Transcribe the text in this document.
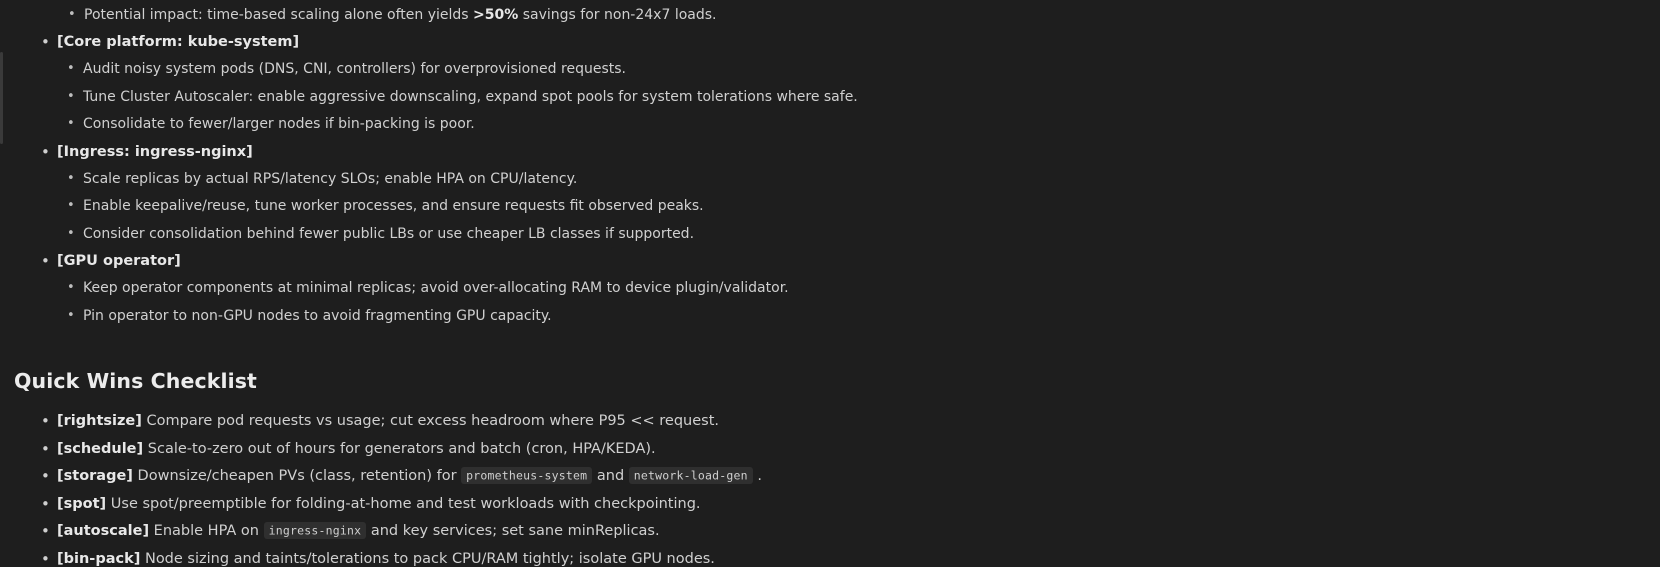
• Potential impact: time-based scaling alone often yields >50% savings for non-24x7 loads.
• [Core platform: kube-system]
• Audit noisy system pods (DNS, CNI, controllers) for overprovisioned requests.
• Tune Cluster Autoscaler: enable aggressive downscaling, expand spot pools for system tolerations where safe.
• Consolidate to fewer/larger nodes if bin-packing is poor.
• [Ingress: ingress-nginx]
• Scale replicas by actual RPS/latency SLOs; enable HPA on CPU/latency.
• Enable keepalive/reuse, tune worker processes, and ensure requests fit observed peaks.
• Consider consolidation behind fewer public LBs or use cheaper LB classes if supported.
• [GPU operator]
• Keep operator components at minimal replicas; avoid over-allocating RAM to device plugin/validator.
• Pin operator to non-GPU nodes to avoid fragmenting GPU capacity.
Quick Wins Checklist
• [rightsize] Compare pod requests vs usage; cut excess headroom where P95 << request.
• [schedule] Scale-to-zero out of hours for generators and batch (cron, HPA/KEDA).
• [storage] Downsize/cheapen PVs (class, retention) for prometheus-system and network-load-gen .
• [spot] Use spot/preemptible for folding-at-home and test workloads with checkpointing.
• [autoscale] Enable HPA on ingress-nginx and key services; set sane minReplicas.
• [bin-pack] Node sizing and taints/tolerations to pack CPU/RAM tightly; isolate GPU nodes.
